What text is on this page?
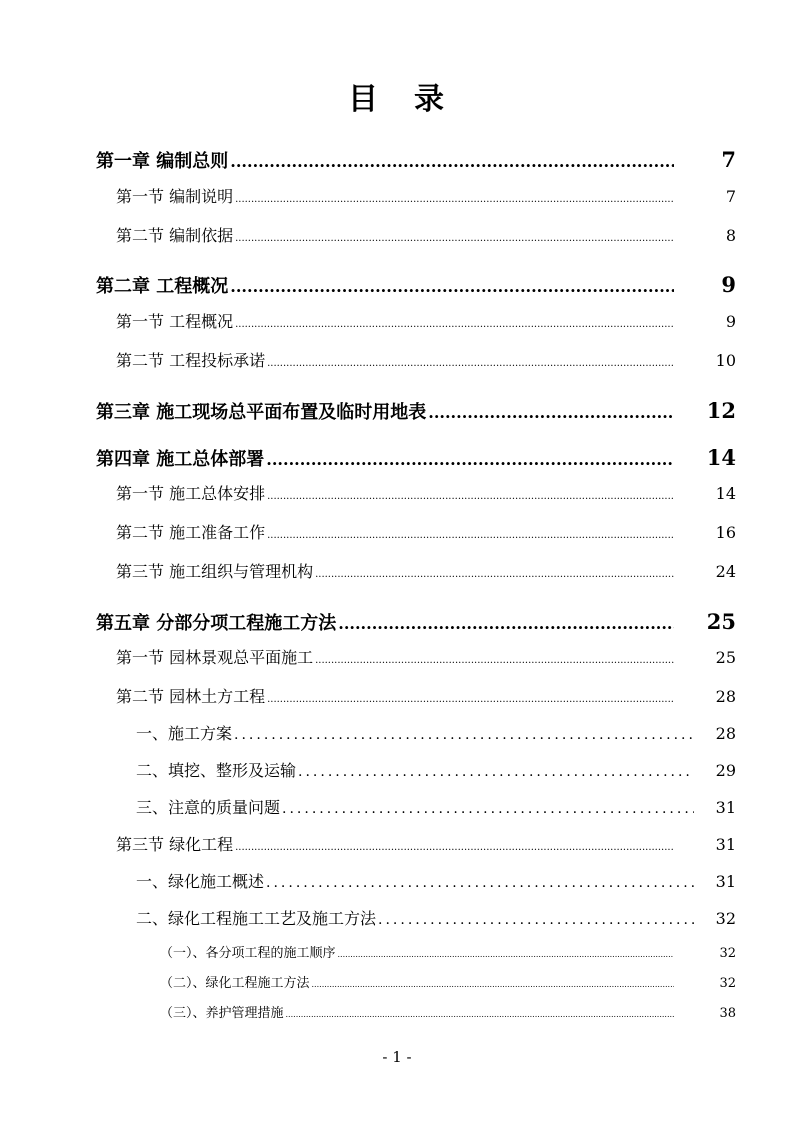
目 录
第一章 编制总则 .....	7
第一节 编制说明 .....	7
第二节 编制依据 .....	8
第二章 工程概况 .....	9
第一节 工程概况 .....	9
第二节 工程投标承诺 .....	10
第三章 施工现场总平面布置及临时用地表 .....	12
第四章 施工总体部署 .....	14
第一节 施工总体安排 .....	14
第二节 施工准备工作 .....	16
第三节 施工组织与管理机构 .....	24
第五章 分部分项工程施工方法 .....	25
第一节 园林景观总平面施工 .....	25
第二节 园林土方工程 .....	28
一、施工方案 .....	28
二、填挖、整形及运输 .....	29
三、注意的质量问题 .....	31
第三节 绿化工程 .....	31
一、绿化施工概述 .....	31
二、绿化工程施工工艺及施工方法 .....	32
（一）、各分项工程的施工顺序 .....	32
（二）、绿化工程施工方法 .....	32
（三）、养护管理措施 .....	38
- 1 -
